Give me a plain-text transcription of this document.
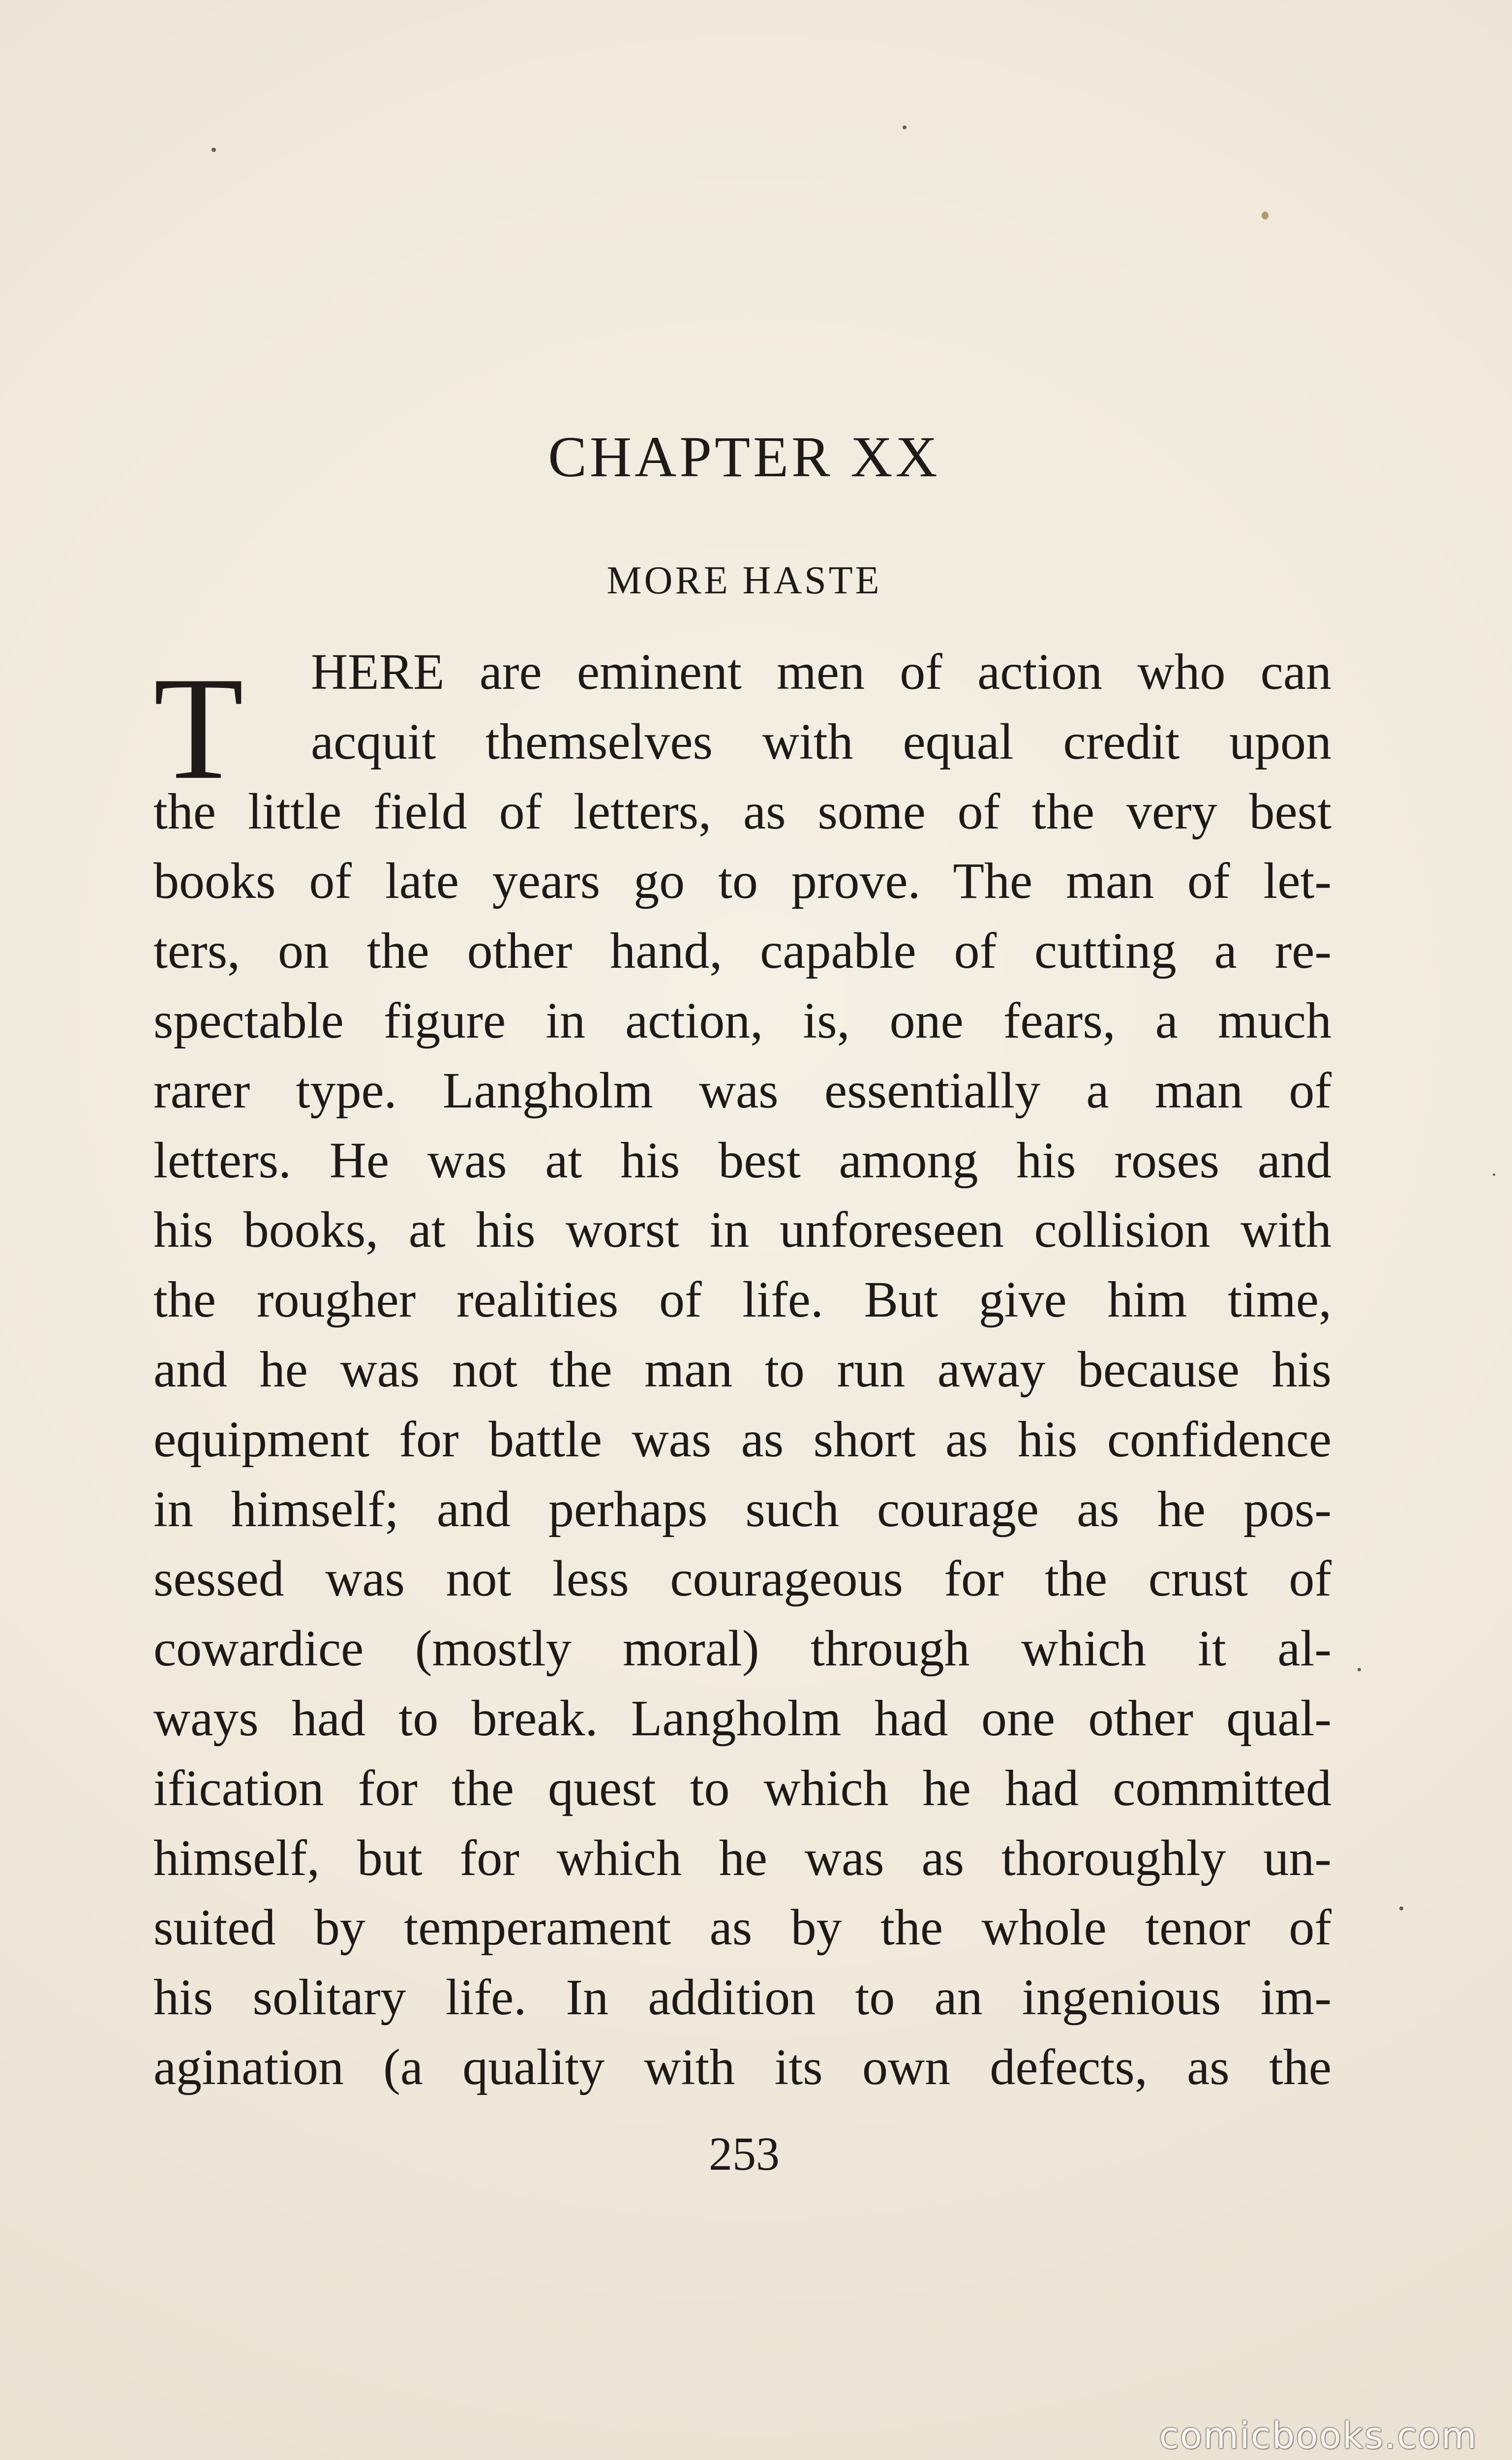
CHAPTER XX
MORE HASTE
T	HERE are eminent men of action who can
acquit themselves with equal credit upon
the little field of letters, as some of the very best
books of late years go to prove. The man of let-
ters, on the other hand, capable of cutting a re-
spectable figure in action, is, one fears, a much
rarer type. Langholm was essentially a man of
letters. He was at his best among his roses and
his books, at his worst in unforeseen collision with
the rougher realities of life. But give him time,
and he was not the man to run away because his
equipment for battle was as short as his confidence
in himself; and perhaps such courage as he pos-
sessed was not less courageous for the crust of
cowardice (mostly moral) through which it al-
ways had to break. Langholm had one other qual-
ification for the quest to which he had committed
himself, but for which he was as thoroughly un-
suited by temperament as by the whole tenor of
his solitary life. In addition to an ingenious im-
agination (a quality with its own defects, as the
253
comicbooks.com
